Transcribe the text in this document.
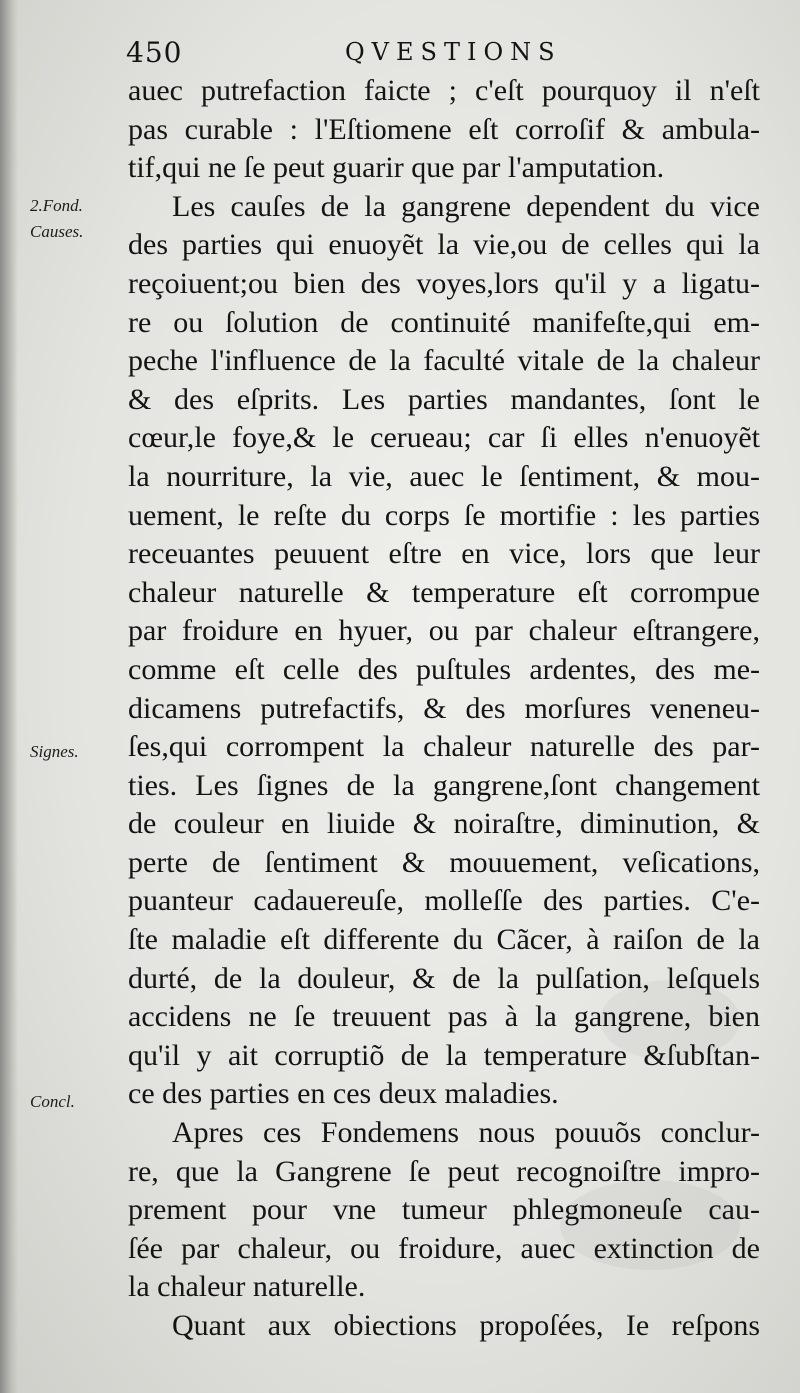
450	QVESTIONS
2.Fond.
Causes.
Signes.
Concl.
auec putrefaction faicte ; c'eſt pourquoy il n'eſt
pas curable : l'Eſtiomene eſt corroſif & ambula-
tif,qui ne ſe peut guarir que par l'amputation.
Les cauſes de la gangrene dependent du vice
des parties qui enuoyẽt la vie,ou de celles qui la
reçoiuent;ou bien des voyes,lors qu'il y a ligatu-
re ou ſolution de continuité manifeſte,qui em-
peche l'influence de la faculté vitale de la chaleur
& des eſprits. Les parties mandantes, ſont le
cœur,le foye,& le cerueau; car ſi elles n'enuoyẽt
la nourriture, la vie, auec le ſentiment, & mou-
uement, le reſte du corps ſe mortifie : les parties
receuantes peuuent eſtre en vice, lors que leur
chaleur naturelle & temperature eſt corrompue
par froidure en hyuer, ou par chaleur eſtrangere,
comme eſt celle des puſtules ardentes, des me-
dicamens putrefactifs, & des morſures veneneu-
ſes,qui corrompent la chaleur naturelle des par-
ties. Les ſignes de la gangrene,ſont changement
de couleur en liuide & noiraſtre, diminution, &
perte de ſentiment & mouuement, veſications,
puanteur cadauereuſe, molleſſe des parties. C'e-
ſte maladie eſt differente du Cãcer, à raiſon de la
durté, de la douleur, & de la pulſation, leſquels
accidens ne ſe treuuent pas à la gangrene, bien
qu'il y ait corruptiõ de la temperature &ſubſtan-
ce des parties en ces deux maladies.
Apres ces Fondemens nous pouuõs conclur-
re, que la Gangrene ſe peut recognoiſtre impro-
prement pour vne tumeur phlegmoneuſe cau-
ſée par chaleur, ou froidure, auec extinction de
la chaleur naturelle.
Quant aux obiections propoſées, Ie reſpons
